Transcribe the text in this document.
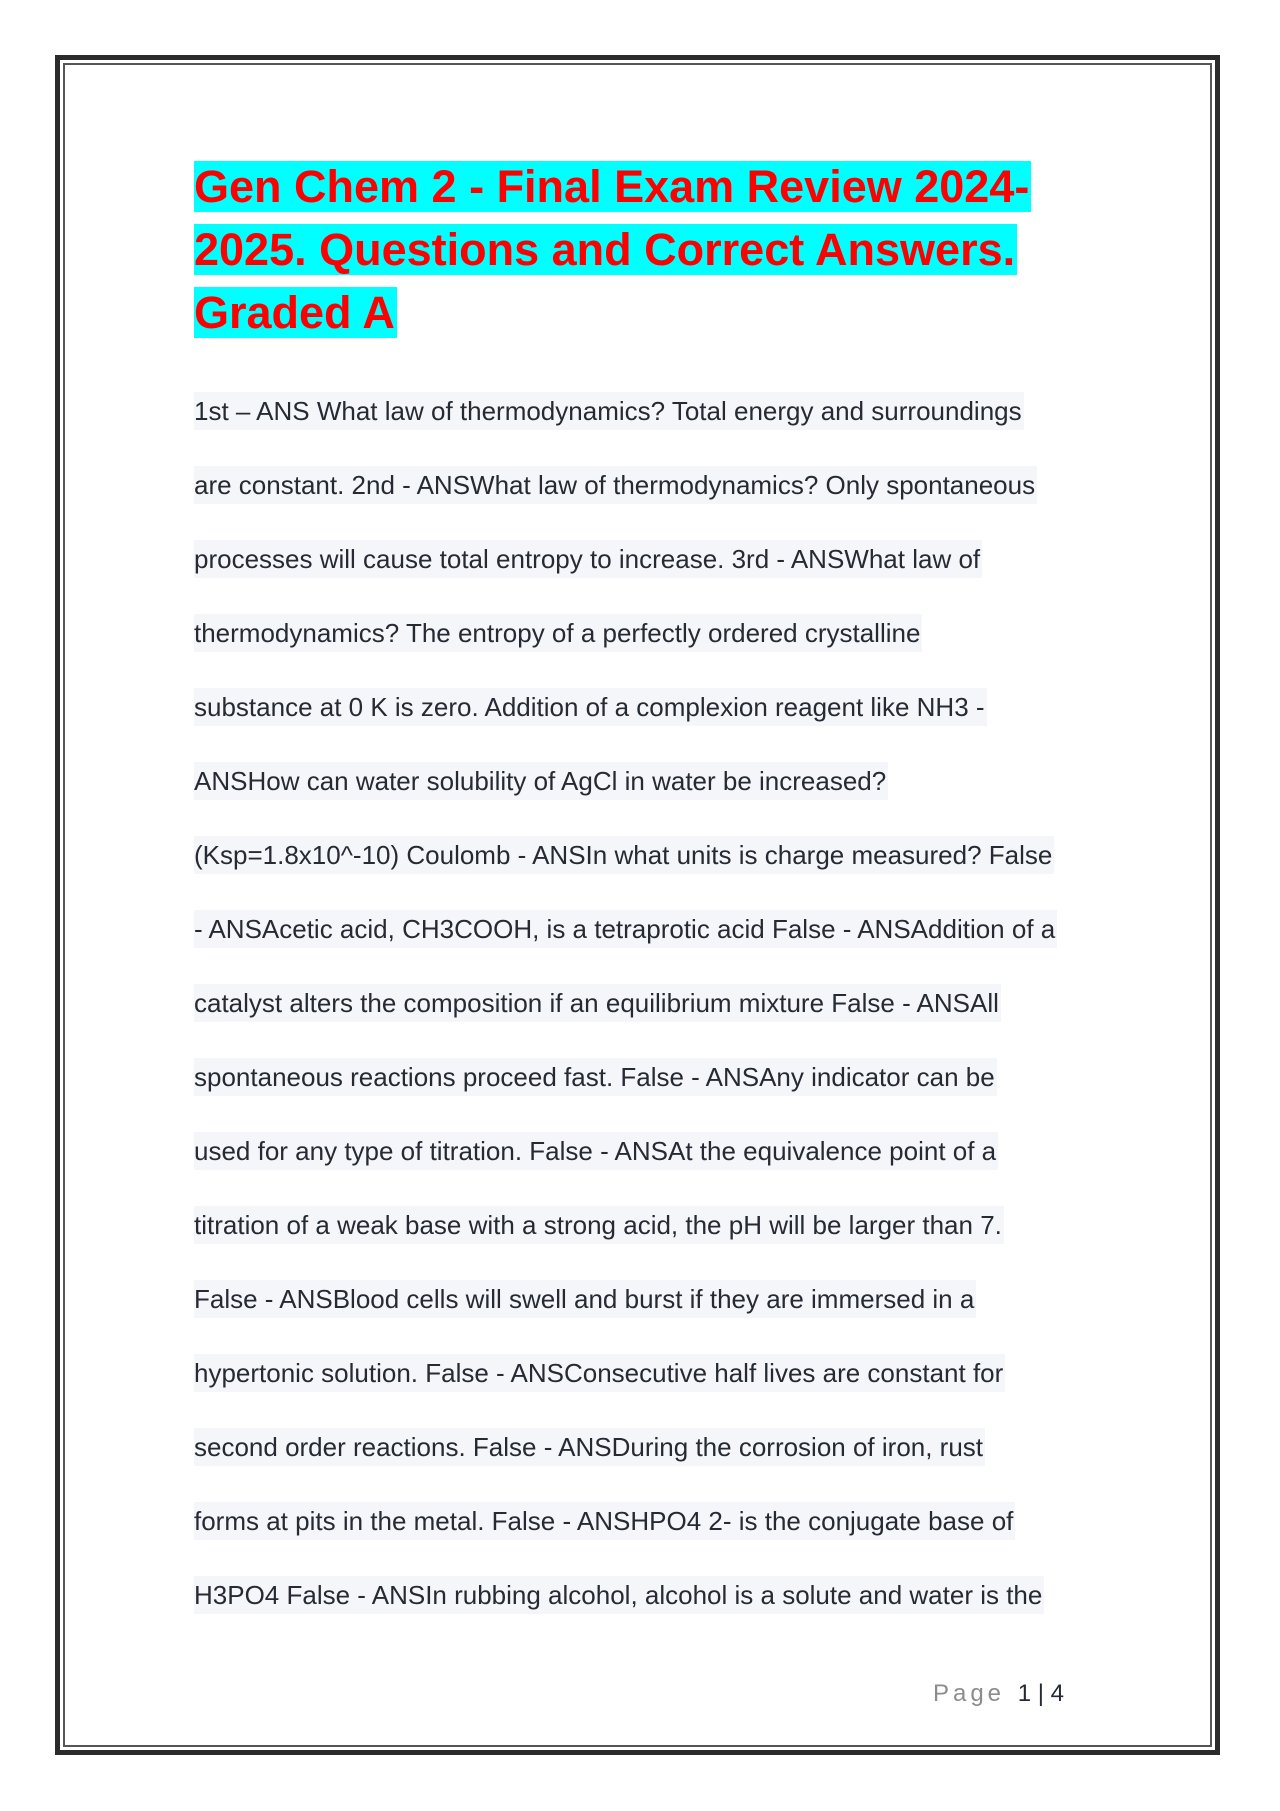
Gen Chem 2 - Final Exam Review 2024-
2025. Questions and Correct Answers.
Graded A
1st – ANS What law of thermodynamics? Total energy and surroundings
are constant. 2nd - ANSWhat law of thermodynamics? Only spontaneous
processes will cause total entropy to increase. 3rd - ANSWhat law of
thermodynamics? The entropy of a perfectly ordered crystalline
substance at 0 K is zero. Addition of a complexion reagent like NH3 -
ANSHow can water solubility of AgCl in water be increased?
(Ksp=1.8x10^-10) Coulomb - ANSIn what units is charge measured? False
- ANSAcetic acid, CH3COOH, is a tetraprotic acid False - ANSAddition of a
catalyst alters the composition if an equilibrium mixture False - ANSAll
spontaneous reactions proceed fast. False - ANSAny indicator can be
used for any type of titration. False - ANSAt the equivalence point of a
titration of a weak base with a strong acid, the pH will be larger than 7.
False - ANSBlood cells will swell and burst if they are immersed in a
hypertonic solution. False - ANSConsecutive half lives are constant for
second order reactions. False - ANSDuring the corrosion of iron, rust
forms at pits in the metal. False - ANSHPO4 2- is the conjugate base of
H3PO4 False - ANSIn rubbing alcohol, alcohol is a solute and water is the
Page 1 | 4
